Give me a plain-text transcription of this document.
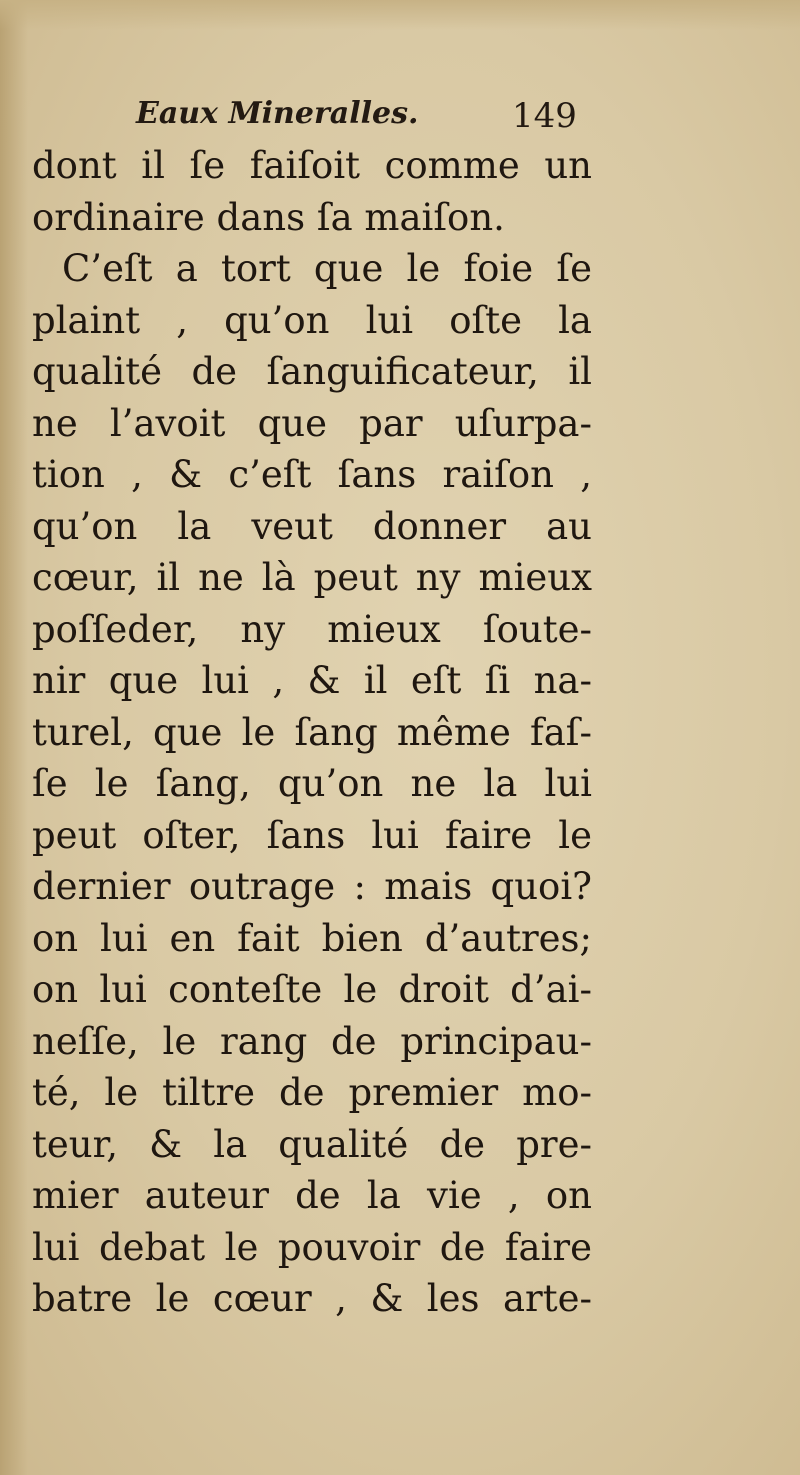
Eaux Mineralles.	149
dont il ſe faiſoit comme un
ordinaire dans ſa maiſon.
C’eſt a tort que le foie ſe
plaint , qu’on lui oſte la
qualité de ſanguificateur, il
ne l’avoit que par uſurpa-
tion , & c’eſt ſans raiſon ,
qu’on la veut donner au
cœur, il ne là peut ny mieux
poſſeder, ny mieux ſoute-
nir que lui , & il eſt ſi na-
turel, que le ſang même faſ-
ſe le ſang, qu’on ne la lui
peut oſter, ſans lui faire le
dernier outrage : mais quoi?
on lui en fait bien d’autres;
on lui conteſte le droit d’ai-
neſſe, le rang de principau-
té, le tiltre de premier mo-
teur, & la qualité de pre-
mier auteur de la vie , on
lui debat le pouvoir de faire
batre le cœur , & les arte-
